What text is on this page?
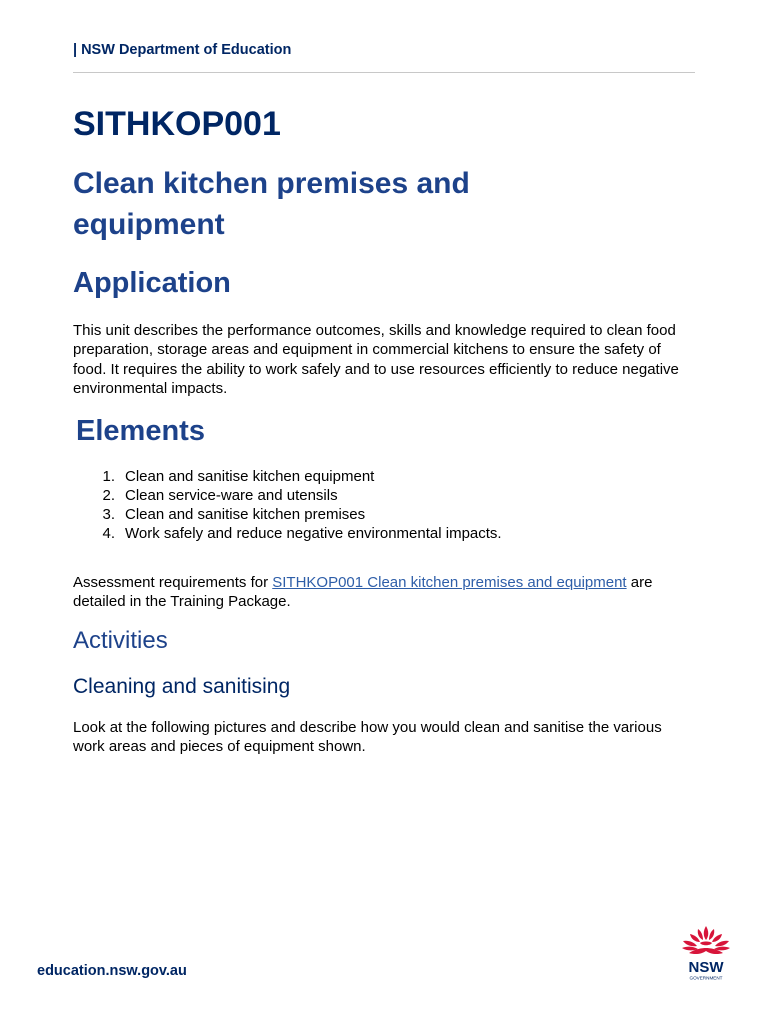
| NSW Department of Education
SITHKOP001
Clean kitchen premises and equipment
Application

This unit describes the performance outcomes, skills and knowledge required to clean food preparation, storage areas and equipment in commercial kitchens to ensure the safety of food. It requires the ability to work safely and to use resources efficiently to reduce negative environmental impacts.

Elements
1. Clean and sanitise kitchen equipment
2. Clean service-ware and utensils
3. Clean and sanitise kitchen premises
4. Work safely and reduce negative environmental impacts.

Assessment requirements for SITHKOP001 Clean kitchen premises and equipment are detailed in the Training Package.

Activities
Cleaning and sanitising

Look at the following pictures and describe how you would clean and sanitise the various work areas and pieces of equipment shown.

education.nsw.gov.au	NSW
GOVERNMENT
